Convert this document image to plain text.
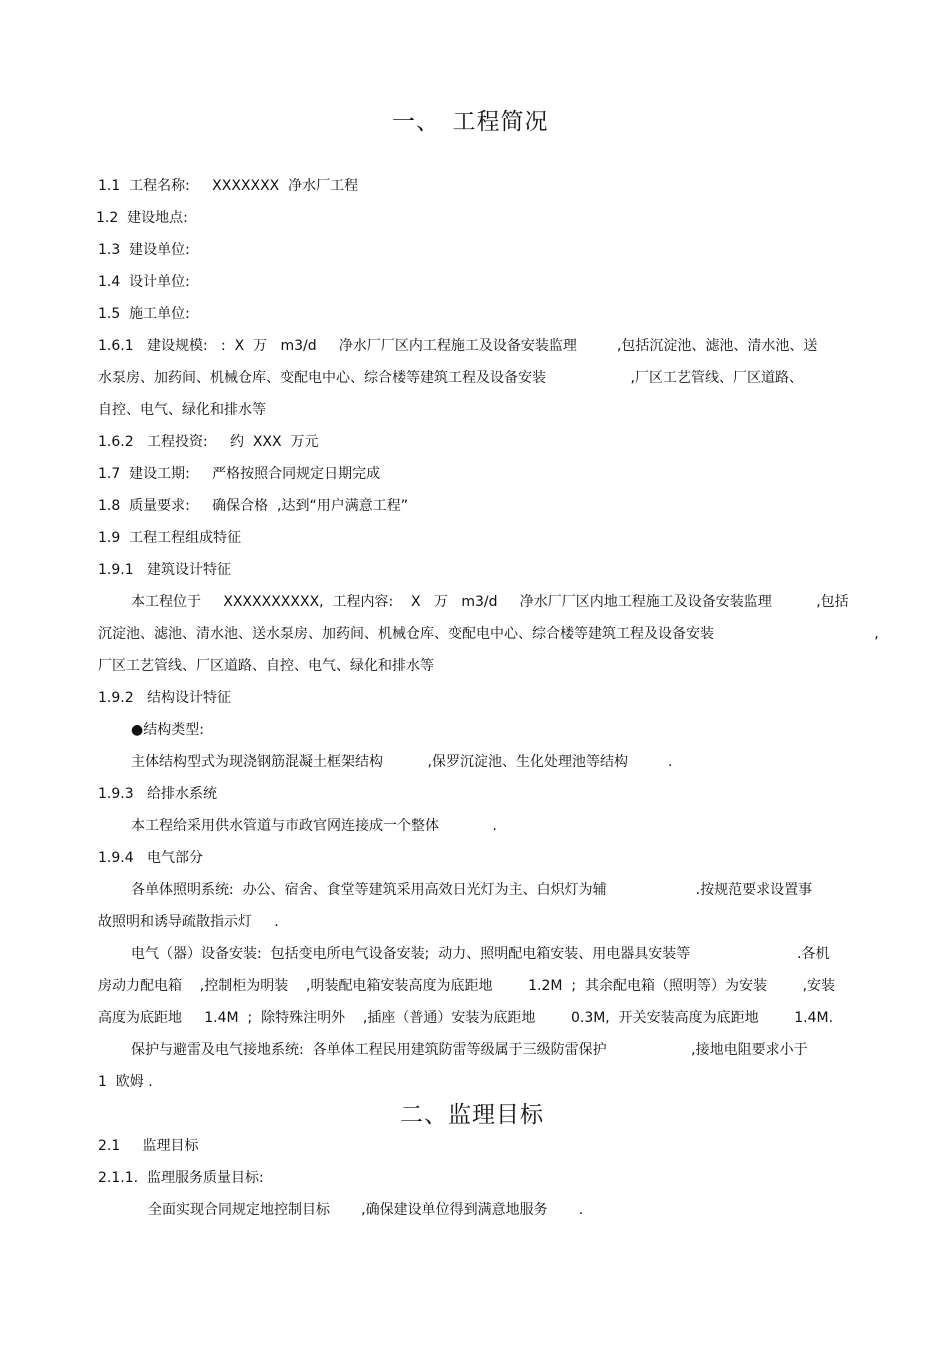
一、　工程简况
1.1  工程名称:     XXXXXXX  净水厂工程
1.2  建设地点:
1.3  建设单位:
1.4  设计单位:
1.5  施工单位:
1.6.1   建设规模:   :  X  万   m3/d     净水厂厂区内工程施工及设备安装监理         ,包括沉淀池、滤池、清水池、送
水泵房、加药间、机械仓库、变配电中心、综合楼等建筑工程及设备安装                   ,厂区工艺管线、厂区道路、
自控、电气、绿化和排水等
1.6.2   工程投资:     约  XXX  万元
1.7  建设工期:     严格按照合同规定日期完成
1.8  质量要求:     确保合格  ,达到“用户满意工程”
1.9  工程工程组成特征
1.9.1   建筑设计特征
本工程位于     XXXXXXXXXX,  工程内容:    X   万   m3/d     净水厂厂区内地工程施工及设备安装监理          ,包括
沉淀池、滤池、清水池、送水泵房、加药间、机械仓库、变配电中心、综合楼等建筑工程及设备安装                                    ,
厂区工艺管线、厂区道路、自控、电气、绿化和排水等
1.9.2   结构设计特征
●结构类型:
主体结构型式为现浇钢筋混凝土框架结构          ,保罗沉淀池、生化处理池等结构         .
1.9.3   给排水系统
本工程给采用供水管道与市政官网连接成一个整体            .
1.9.4   电气部分
各单体照明系统:  办公、宿舍、食堂等建筑采用高效日光灯为主、白炽灯为辅                    .按规范要求设置事
故照明和诱导疏散指示灯     .
电气（器）设备安装:  包括变电所电气设备安装;  动力、照明配电箱安装、用电器具安装等                        .各机
房动力配电箱    ,控制柜为明装    ,明装配电箱安装高度为底距地        1.2M  ;  其余配电箱（照明等）为安装        ,安装
高度为底距地     1.4M  ;  除特殊注明外    ,插座（普通）安装为底距地        0.3M,  开关安装高度为底距地        1.4M.
保护与避雷及电气接地系统:  各单体工程民用建筑防雷等级属于三级防雷保护                   ,接地电阻要求小于
1  欧姆 .
二、监理目标
2.1     监理目标
2.1.1.  监理服务质量目标:
全面实现合同规定地控制目标       ,确保建设单位得到满意地服务       .
